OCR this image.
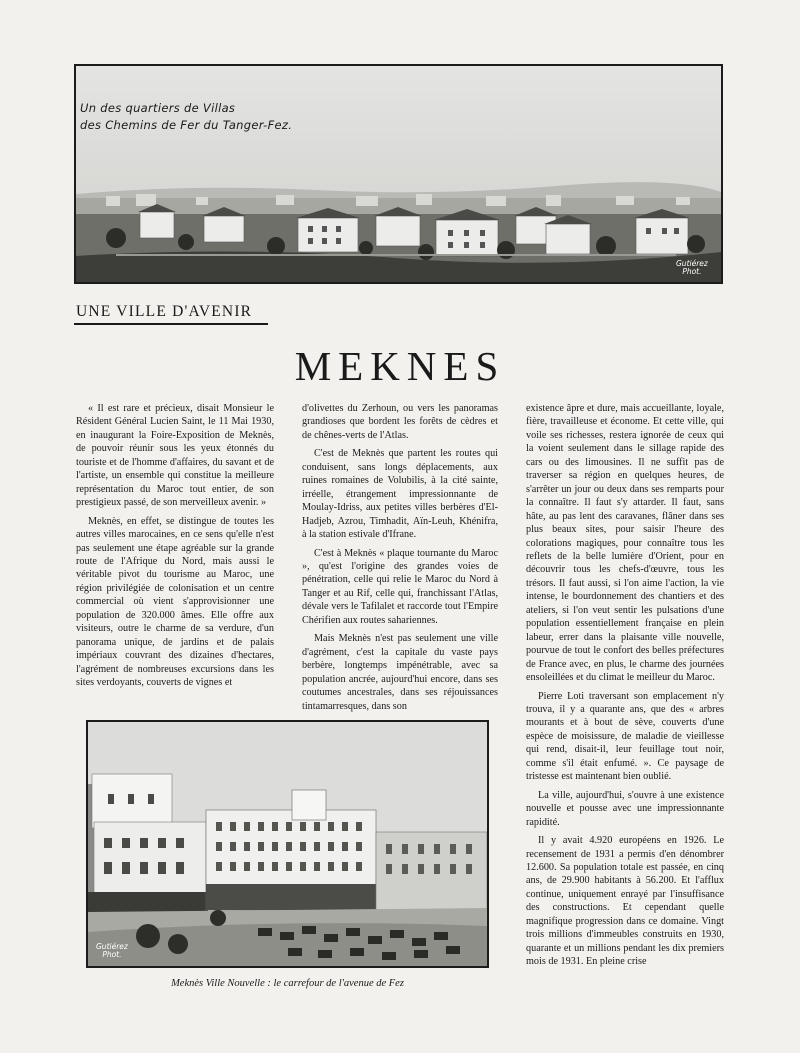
Un des quartiers de Villas
des Chemins de Fer du Tanger-Fez.
Gutiérez
Phot.
UNE VILLE D'AVENIR
MEKNES

« Il est rare et précieux, disait Monsieur le Résident Général Lucien Saint, le 11 Mai 1930, en inaugurant la Foire-Exposition de Meknès, de pouvoir réunir sous les yeux étonnés du touriste et de l'homme d'affaires, du savant et de l'artiste, un ensemble qui constitue la meilleure représentation du Maroc tout entier, de son prestigieux passé, de son merveilleux avenir. »

Meknès, en effet, se distingue de toutes les autres villes marocaines, en ce sens qu'elle n'est pas seulement une étape agréable sur la grande route de l'Afrique du Nord, mais aussi le véritable pivot du tourisme au Maroc, une région privilégiée de colonisation et un centre commercial où vient s'approvisionner une population de 320.000 âmes. Elle offre aux visiteurs, outre le charme de sa verdure, d'un panorama unique, de jardins et de palais impériaux couvrant des dizaines d'hectares, l'agrément de nombreuses excursions dans les sites verdoyants, couverts de vignes et

d'olivettes du Zerhoun, ou vers les panoramas grandioses que bordent les forêts de cèdres et de chênes-verts de l'Atlas.

C'est de Meknès que partent les routes qui conduisent, sans longs déplacements, aux ruines romaines de Volubilis, à la cité sainte, irréelle, étrangement impressionnante de Moulay-Idriss, aux petites villes berbères d'El-Hadjeb, Azrou, Timhadit, Aïn-Leuh, Khénifra, à la station estivale d'Ifrane.

C'est à Meknès « plaque tournante du Maroc », qu'est l'origine des grandes voies de pénétration, celle qui relie le Maroc du Nord à Tanger et au Rif, celle qui, franchissant l'Atlas, dévale vers le Tafilalet et raccorde tout l'Empire Chérifien aux routes sahariennes.

Mais Meknès n'est pas seulement une ville d'agrément, c'est la capitale du vaste pays berbère, longtemps impénétrable, avec sa population ancrée, aujourd'hui encore, dans ses coutumes ancestrales, dans ses réjouissances tintamarresques, dans son

existence âpre et dure, mais accueillante, loyale, fière, travailleuse et économe. Et cette ville, qui voile ses richesses, restera ignorée de ceux qui la voient seulement dans le sillage rapide des cars ou des limousines. Il ne suffit pas de traverser sa région en quelques heures, de s'arrêter un jour ou deux dans ses remparts pour la connaître. Il faut s'y attarder. Il faut, sans hâte, au pas lent des caravanes, flâner dans ses plus beaux sites, pour saisir l'heure des colorations magiques, pour connaître tous les reflets de la belle lumière d'Orient, pour en découvrir tous les chefs-d'œuvre, tous les trésors. Il faut aussi, si l'on aime l'action, la vie intense, le bourdonnement des chantiers et des ateliers, si l'on veut sentir les pulsations d'une population essentiellement française en plein labeur, errer dans la plaisante ville nouvelle, pourvue de tout le confort des belles préfectures de France avec, en plus, le charme des journées ensoleillées et du climat le meilleur du Maroc.

Pierre Loti traversant son emplacement n'y trouva, il y a quarante ans, que des « arbres mourants et à bout de sève, couverts d'une espèce de moisissure, de maladie de vieillesse qui rend, disait-il, leur feuillage tout noir, comme s'il était enfumé. ». Ce paysage de tristesse est maintenant bien oublié.

La ville, aujourd'hui, s'ouvre à une existence nouvelle et pousse avec une impressionnante rapidité.

Il y avait 4.920 européens en 1926. Le recensement de 1931 a permis d'en dénombrer 12.600. Sa population totale est passée, en cinq ans, de 29.900 habitants à 56.200. Et l'afflux continue, uniquement enrayé par l'insuffisance des constructions. Et cependant quelle magnifique progression dans ce domaine. Vingt trois millions d'immeubles construits en 1930, quarante et un millions pendant les dix premiers mois de 1931. En pleine crise

Gutiérez
Phot.
Meknès Ville Nouvelle : le carrefour de l'avenue de Fez
